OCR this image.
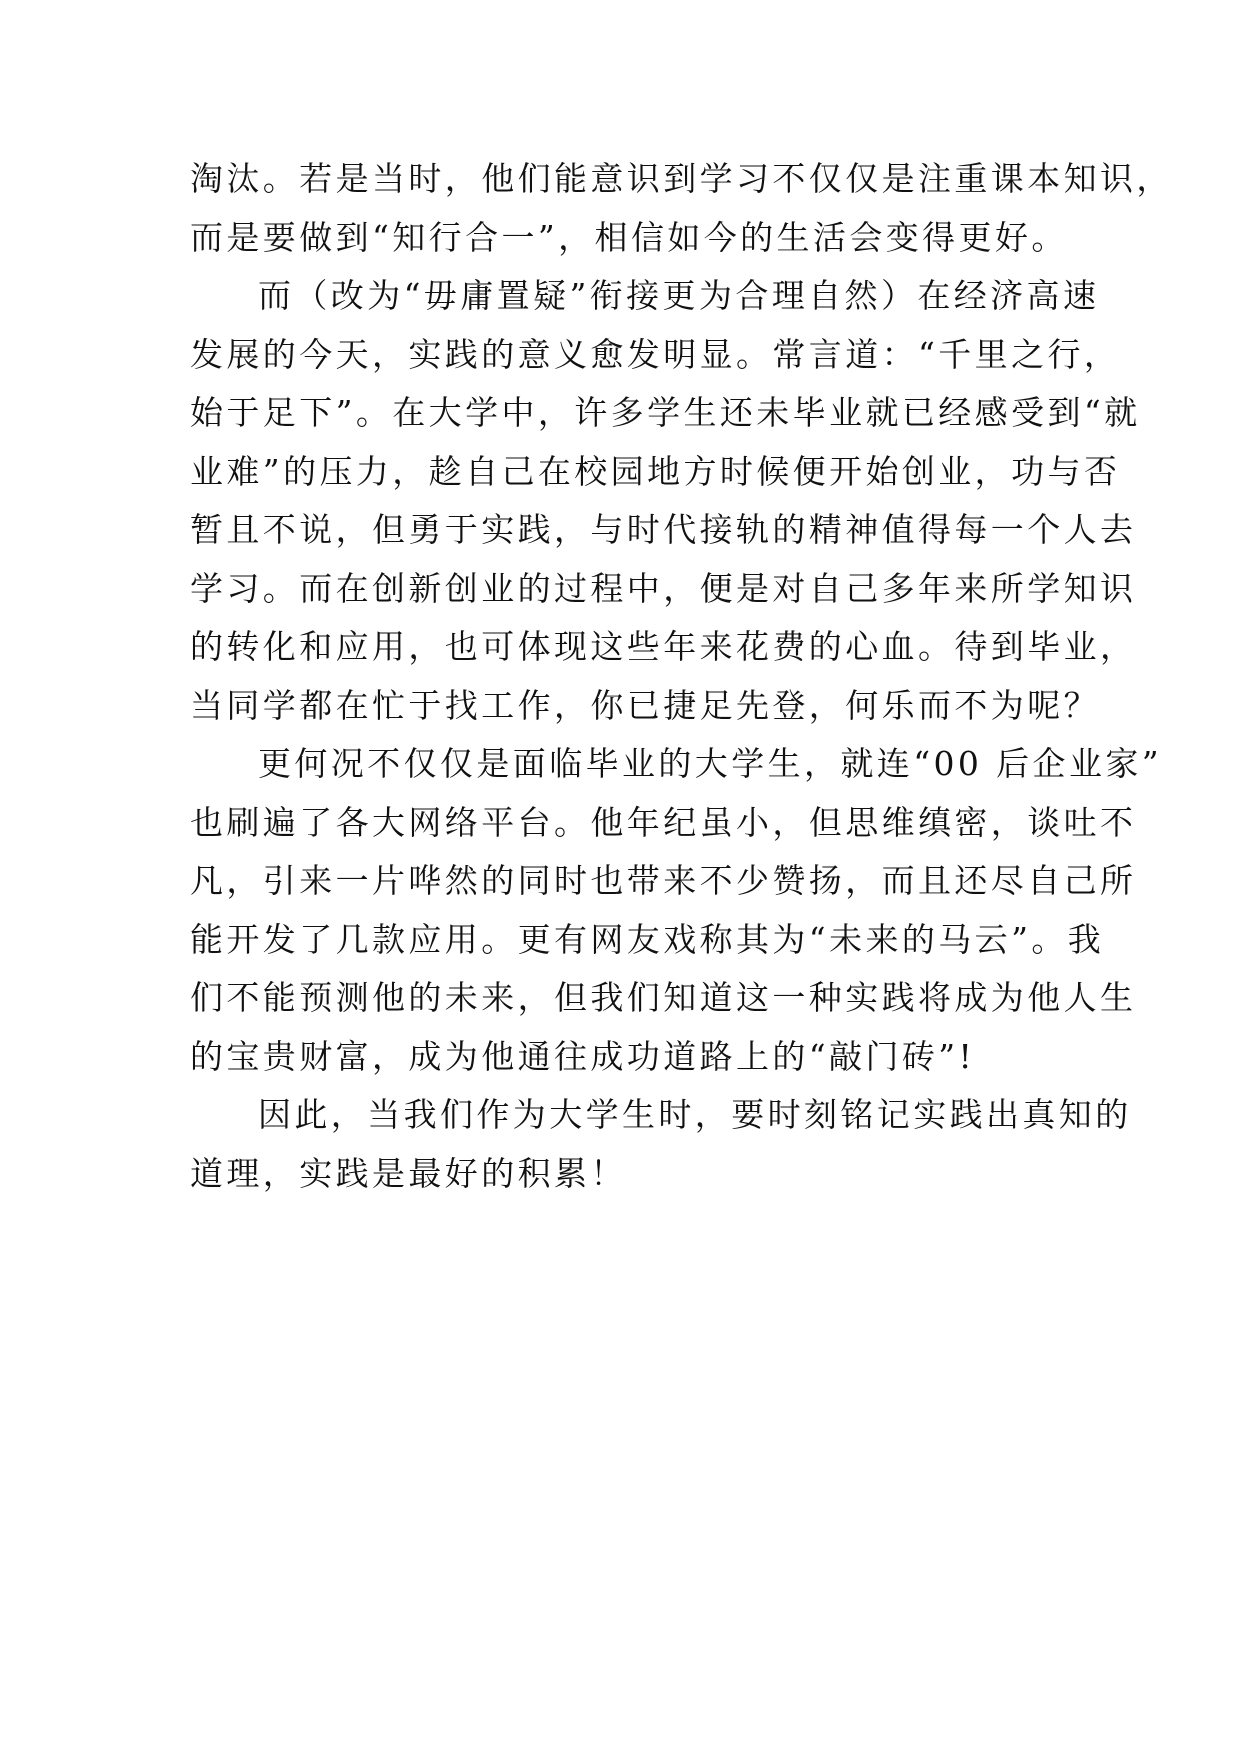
淘汰。若是当时，他们能意识到学习不仅仅是注重课本知识，
而是要做到“知行合一”，相信如今的生活会变得更好。
而（改为“毋庸置疑”衔接更为合理自然）在经济高速
发展的今天，实践的意义愈发明显。常言道：“千里之行，
始于足下”。在大学中，许多学生还未毕业就已经感受到“就
业难”的压力，趁自己在校园地方时候便开始创业，功与否
暂且不说，但勇于实践，与时代接轨的精神值得每一个人去
学习。而在创新创业的过程中，便是对自己多年来所学知识
的转化和应用，也可体现这些年来花费的心血。待到毕业，
当同学都在忙于找工作，你已捷足先登，何乐而不为呢？
更何况不仅仅是面临毕业的大学生，就连“00 后企业家”
也刷遍了各大网络平台。他年纪虽小，但思维缜密，谈吐不
凡，引来一片哗然的同时也带来不少赞扬，而且还尽自己所
能开发了几款应用。更有网友戏称其为“未来的马云”。我
们不能预测他的未来，但我们知道这一种实践将成为他人生
的宝贵财富，成为他通往成功道路上的“敲门砖”!
因此，当我们作为大学生时，要时刻铭记实践出真知的
道理，实践是最好的积累！
